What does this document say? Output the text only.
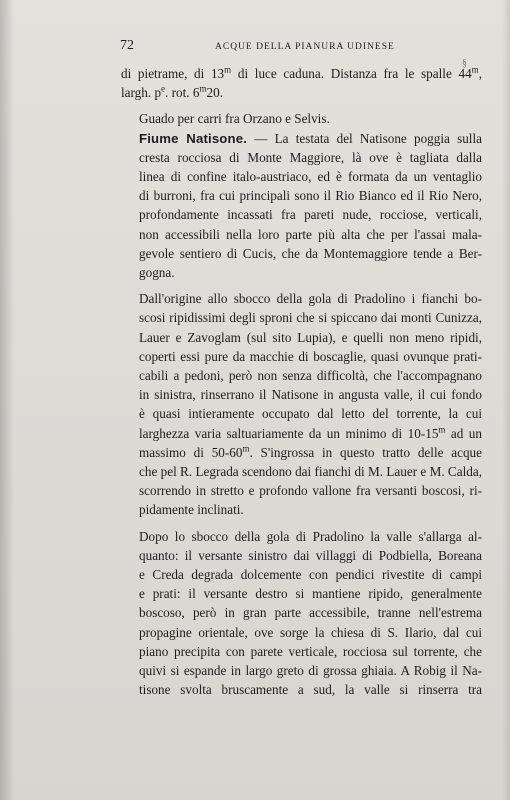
72	ACQUE DELLA PIANURA UDINESE
di pietrame, di 13$^m$ di luce caduna. Distanza fra le spalle 44$^m$,
largh. $p^e$. rot. 6$^m$20.
Guado per carri fra Orzano e Selvis.
Fiume Natisone. — La testata del Natisone poggia sulla
cresta rocciosa di Monte Maggiore, là ove è tagliata dalla
linea di confine italo-austriaco, ed è formata da un ventaglio
di burroni, fra cui principali sono il Rio Bianco ed il Rio Nero,
profondamente incassati fra pareti nude, rocciose, verticali,
non accessibili nella loro parte più alta che per l'assai mala-
gevole sentiero di Cucis, che da Montemaggiore tende a Ber-
gogna.
Dall'origine allo sbocco della gola di Pradolino i fianchi bo-
scosi ripidissimi degli sproni che si spiccano dai monti Cunizza,
Lauer e Zavoglam (sul sito Lupia), e quelli non meno ripidi,
coperti essi pure da macchie di boscaglie, quasi ovunque prati-
cabili a pedoni, però non senza difficoltà, che l'accompagnano
in sinistra, rinserrano il Natisone in angusta valle, il cui fondo
è quasi intieramente occupato dal letto del torrente, la cui
larghezza varia saltuariamente da un minimo di 10-15$^m$ ad un
massimo di 50-60$^m$. S'ingrossa in questo tratto delle acque
che pel R. Legrada scendono dai fianchi di M. Lauer e M. Calda,
scorrendo in stretto e profondo vallone fra versanti boscosi, ri-
pidamente inclinati.
Dopo lo sbocco della gola di Pradolino la valle s'allarga al-
quanto: il versante sinistro dai villaggi di Podbiella, Boreana
e Creda degrada dolcemente con pendici rivestite di campi
e prati: il versante destro si mantiene ripido, generalmente
boscoso, però in gran parte accessibile, tranne nell'estrema
propagine orientale, ove sorge la chiesa di S. Ilario, dal cui
piano precipita con parete verticale, rocciosa sul torrente, che
quivi si espande in largo greto di grossa ghiaia. A Robig il Na-
tisone svolta bruscamente a sud, la valle si rinserra tra
§
